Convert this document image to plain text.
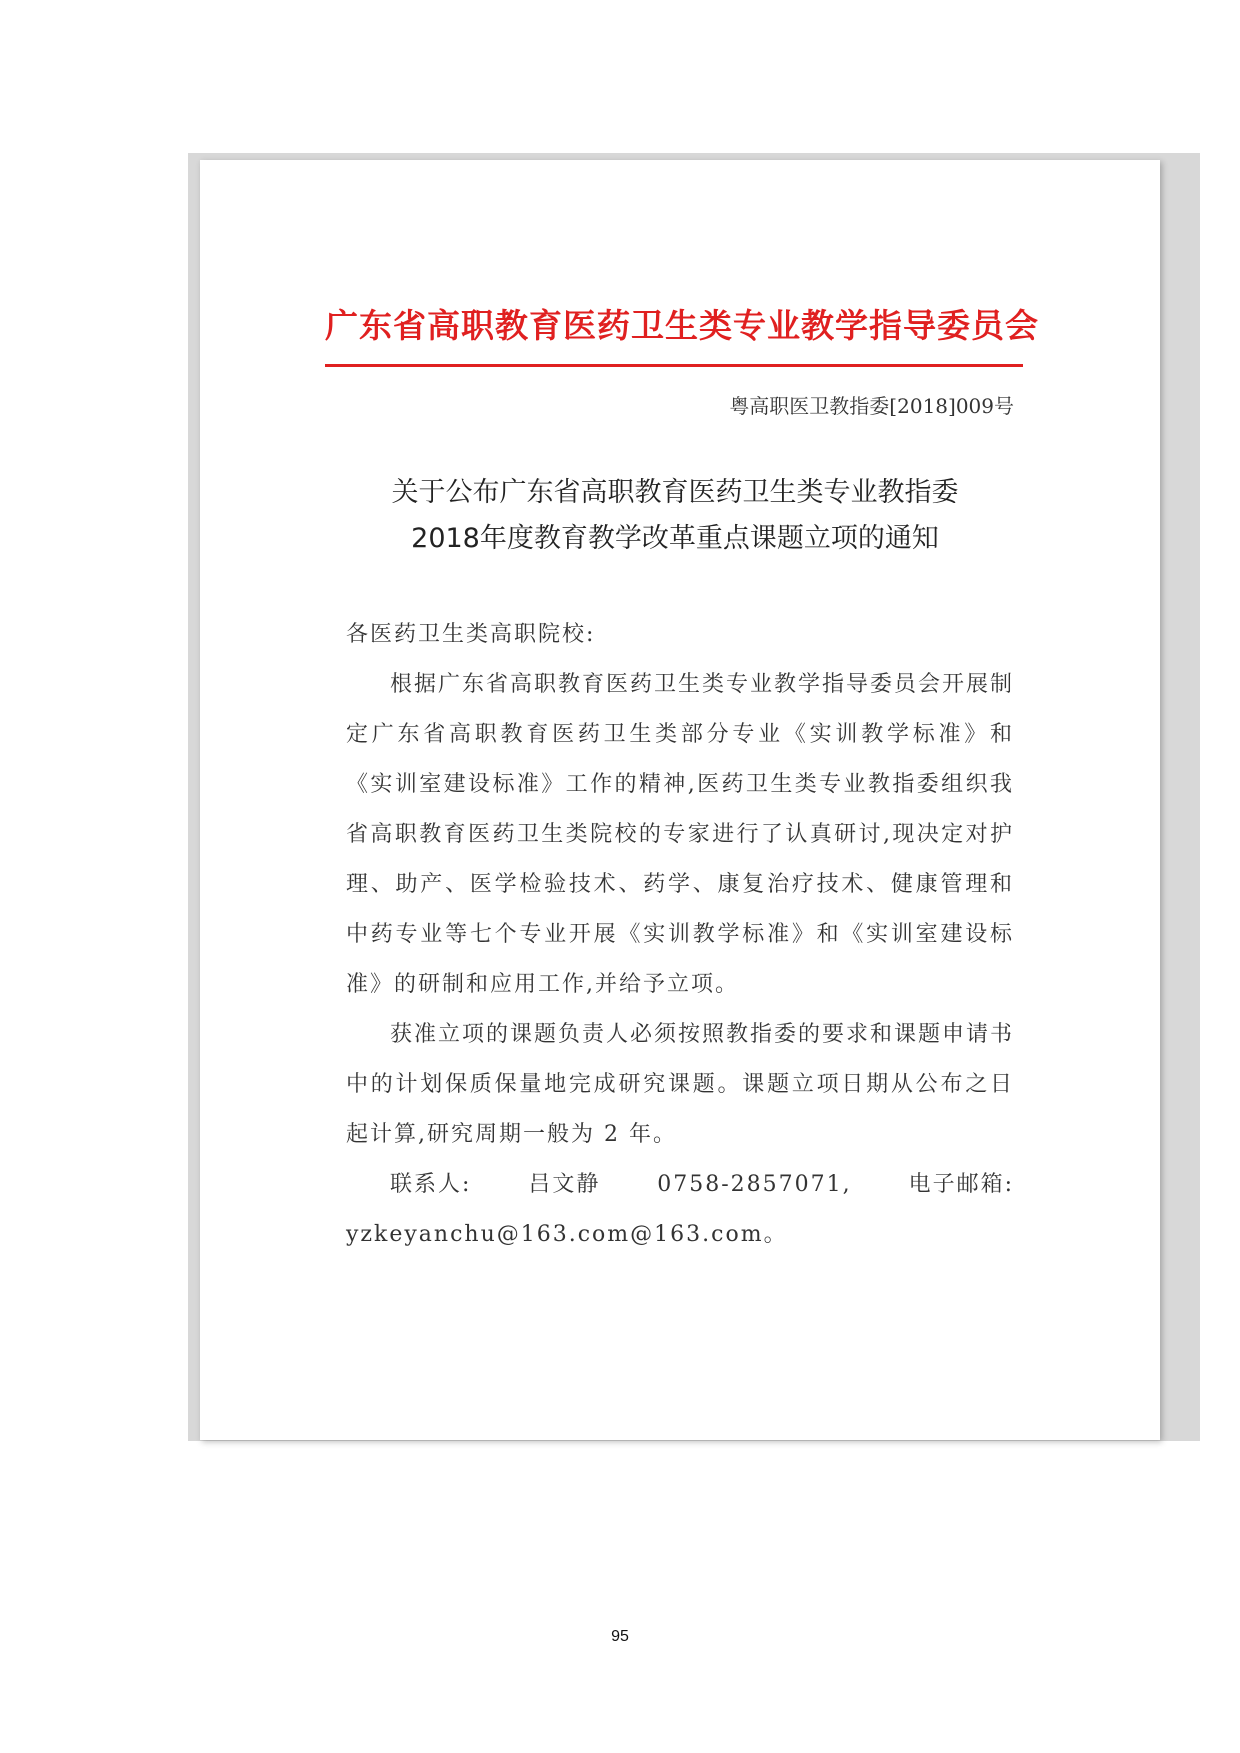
广东省高职教育医药卫生类专业教学指导委员会
粤高职医卫教指委[2018]009号
关于公布广东省高职教育医药卫生类专业教指委
2018年度教育教学改革重点课题立项的通知

各医药卫生类高职院校:

根据广东省高职教育医药卫生类专业教学指导委员会开展制定广东省高职教育医药卫生类部分专业《实训教学标准》和《实训室建设标准》工作的精神,医药卫生类专业教指委组织我省高职教育医药卫生类院校的专家进行了认真研讨,现决定对护理、助产、医学检验技术、药学、康复治疗技术、健康管理和中药专业等七个专业开展《实训教学标准》和《实训室建设标准》的研制和应用工作,并给予立项。

获准立项的课题负责人必须按照教指委的要求和课题申请书中的计划保质保量地完成研究课题。课题立项日期从公布之日起计算,研究周期一般为 2 年。

联系人:	吕文静	0758-2857071,	电子邮箱:

yzkeyanchu@163.com@163.com。

95
